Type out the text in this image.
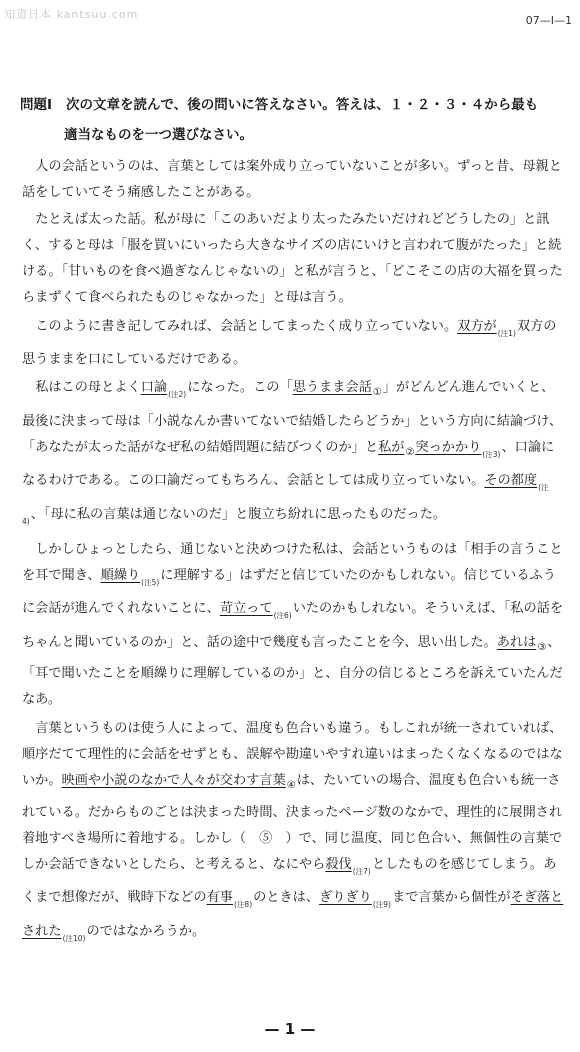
知道日本 kantsuu.com	07—Ⅰ—1
問題Ⅰ 次の文章を読んで、後の問いに答えなさい。答えは、１・２・３・４から最も
適当なものを一つ選びなさい。

人の会話というのは、言葉としては案外成り立っていないことが多い。ずっと昔、母親と話をしていてそう痛感したことがある。

たとえば太った話。私が母に「このあいだより太ったみたいだけれどどうしたの」と訊く、すると母は「服を買いにいったら大きなサイズの店にいけと言われて腹がたった」と続ける。「甘いものを食べ過ぎなんじゃないの」と私が言うと、「どこそこの店の大福を買ったらまずくて食べられたものじゃなかった」と母は言う。

このように書き記してみれば、会話としてまったく成り立っていない。双方が$_{(注1)}$双方の思うままを口にしているだけである。

私はこの母とよく口論$_{(注2)}$になった。この「思うまま会話$_①$」がどんどん進んでいくと、最後に決まって母は「小説なんか書いてないで結婚したらどうか」という方向に結論づけ、「あなたが太った話がなぜ私の結婚問題に結びつくのか」と私が$_②$突っかかり$_{(注3)}$、口論になるわけである。この口論だってもちろん、会話としては成り立っていない。その都度$_{(注4)}$、「母に私の言葉は通じないのだ」と腹立ち紛れに思ったものだった。

しかしひょっとしたら、通じないと決めつけた私は、会話というものは「相手の言うことを耳で聞き、順繰り$_{(注5)}$に理解する」はずだと信じていたのかもしれない。信じているふうに会話が進んでくれないことに、苛立って$_{(注6)}$いたのかもしれない。そういえば、「私の話をちゃんと聞いているのか」と、話の途中で幾度も言ったことを今、思い出した。あれは$_③$、「耳で聞いたことを順繰りに理解しているのか」と、自分の信じるところを訴えていたんだなあ。

言葉というものは使う人によって、温度も色合いも違う。もしこれが統一されていれば、順序だてて理性的に会話をせずとも、誤解や勘違いやすれ違いはまったくなくなるのではないか。映画や小説のなかで人々が交わす言葉$_④$は、たいていの場合、温度も色合いも統一されている。だからものごとは決まった時間、決まったページ数のなかで、理性的に展開され着地すべき場所に着地する。しかし（　⑤　）で、同じ温度、同じ色合い、無個性の言葉でしか会話できないとしたら、と考えると、なにやら殺伐$_{(注7)}$としたものを感じてしまう。あくまで想像だが、戦時下などの有事$_{(注8)}$のときは、ぎりぎり$_{(注9)}$まで言葉から個性がそぎ落とされた$_{(注10)}$のではなかろうか。

— 1 —
